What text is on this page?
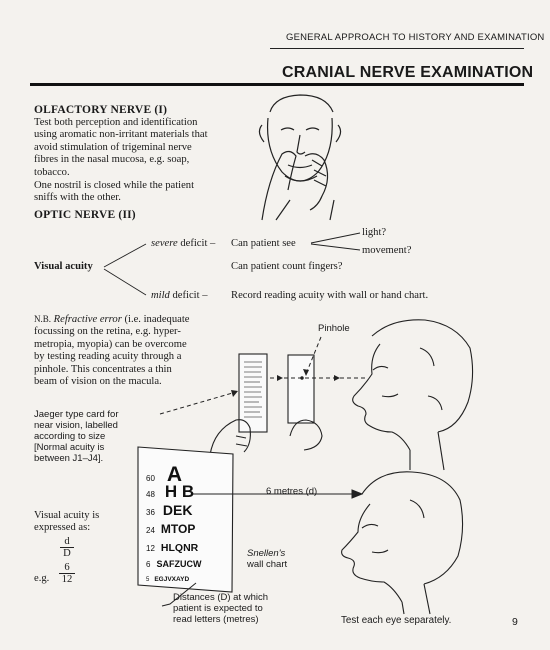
GENERAL APPROACH TO HISTORY AND EXAMINATION
CRANIAL NERVE EXAMINATION
OLFACTORY NERVE (I)
Test both perception and identification
using aromatic non-irritant materials that
avoid stimulation of trigeminal nerve
fibres in the nasal mucosa, e.g. soap,
tobacco.
One nostril is closed while the patient
sniffs with the other.
OPTIC NERVE (II)
Visual acuity
severe deficit – Can patient see
light?
movement?
Can patient count fingers?
mild deficit – Record reading acuity with wall or hand chart.
N.B. Refractive error (i.e. inadequate
focussing on the retina, e.g. hyper-
metropia, myopia) can be overcome
by testing reading acuity through a
pinhole. This concentrates a thin
beam of vision on the macula.
Pinhole
Jaeger type card for
near vision, labelled
according to size
[Normal acuity is
between J1–J4].
60 A
48 H B
36 DEK
24 MTOP
12 HLQNR
6 SAFZUCW
5 EGJVXAYD
6 metres (d)
Snellen's
wall chart
Distances (D) at which
patient is expected to
read letters (metres)
Visual acuity is
expressed as:
$\frac{d}{D}$
e.g. $\frac{6}{12}$
Test each eye separately.	9
